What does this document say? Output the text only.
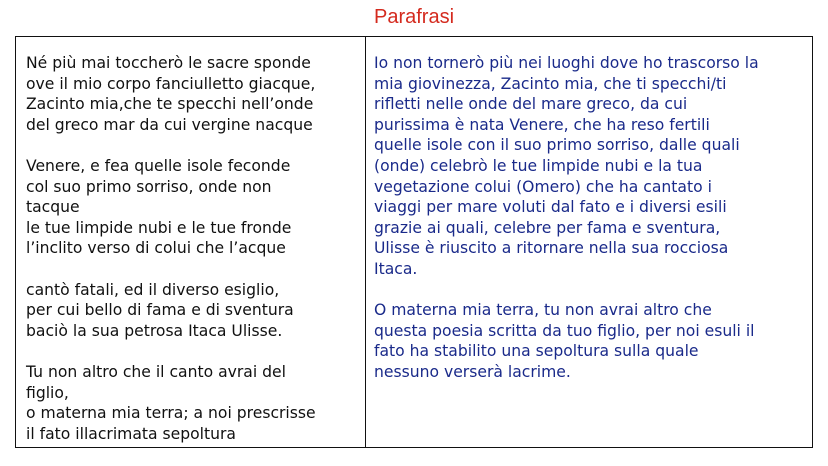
Parafrasi
Né più mai toccherò le sacre sponde
ove il mio corpo fanciulletto giacque,
Zacinto mia,che te specchi nell’onde
del greco mar da cui vergine nacque
Venere, e fea quelle isole feconde
col suo primo sorriso, onde non
tacque
le tue limpide nubi e le tue fronde
l’inclito verso di colui che l’acque
cantò fatali, ed il diverso esiglio,
per cui bello di fama e di sventura
baciò la sua petrosa Itaca Ulisse.
Tu non altro che il canto avrai del
figlio,
o materna mia terra; a noi prescrisse
il fato illacrimata sepoltura
Io non tornerò più nei luoghi dove ho trascorso la
mia giovinezza, Zacinto mia, che ti specchi/ti
rifletti nelle onde del mare greco, da cui
purissima è nata Venere, che ha reso fertili
quelle isole con il suo primo sorriso, dalle quali
(onde) celebrò le tue limpide nubi e la tua
vegetazione colui (Omero) che ha cantato i
viaggi per mare voluti dal fato e i diversi esili
grazie ai quali, celebre per fama e sventura,
Ulisse è riuscito a ritornare nella sua rocciosa
Itaca.
O materna mia terra, tu non avrai altro che
questa poesia scritta da tuo figlio, per noi esuli il
fato ha stabilito una sepoltura sulla quale
nessuno verserà lacrime.
